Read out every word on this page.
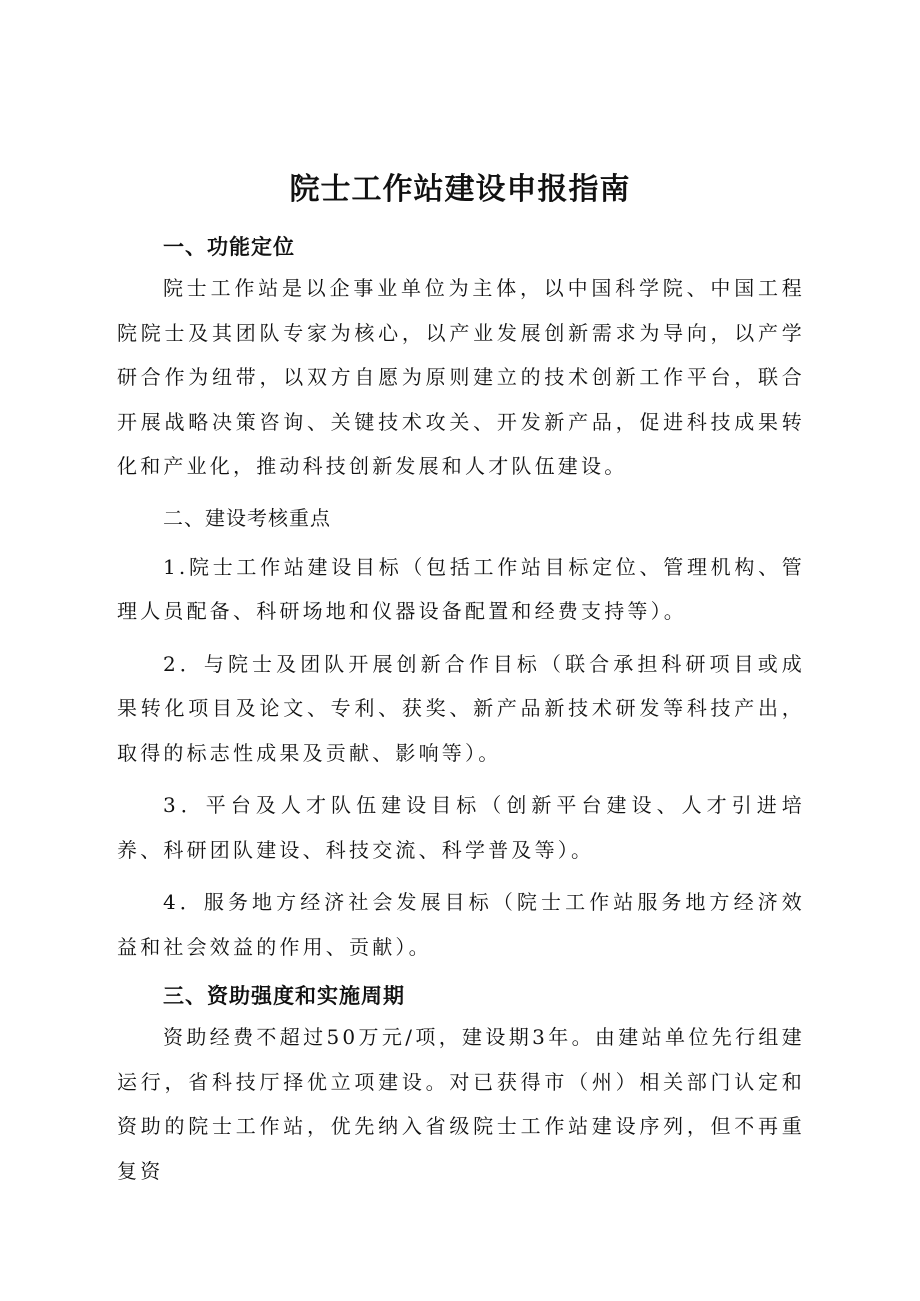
院士工作站建设申报指南
一、功能定位

院士工作站是以企事业单位为主体，以中国科学院、中国工程院院士及其团队专家为核心，以产业发展创新需求为导向，以产学研合作为纽带，以双方自愿为原则建立的技术创新工作平台，联合开展战略决策咨询、关键技术攻关、开发新产品，促进科技成果转化和产业化，推动科技创新发展和人才队伍建设。

二、建设考核重点

1.院士工作站建设目标（包括工作站目标定位、管理机构、管理人员配备、科研场地和仪器设备配置和经费支持等）。

2．与院士及团队开展创新合作目标（联合承担科研项目或成果转化项目及论文、专利、获奖、新产品新技术研发等科技产出，取得的标志性成果及贡献、影响等）。

3．平台及人才队伍建设目标（创新平台建设、人才引进培养、科研团队建设、科技交流、科学普及等）。

4．服务地方经济社会发展目标（院士工作站服务地方经济效益和社会效益的作用、贡献）。

三、资助强度和实施周期

资助经费不超过50万元/项，建设期3年。由建站单位先行组建运行，省科技厅择优立项建设。对已获得市（州）相关部门认定和资助的院士工作站，优先纳入省级院士工作站建设序列，但不再重复资
